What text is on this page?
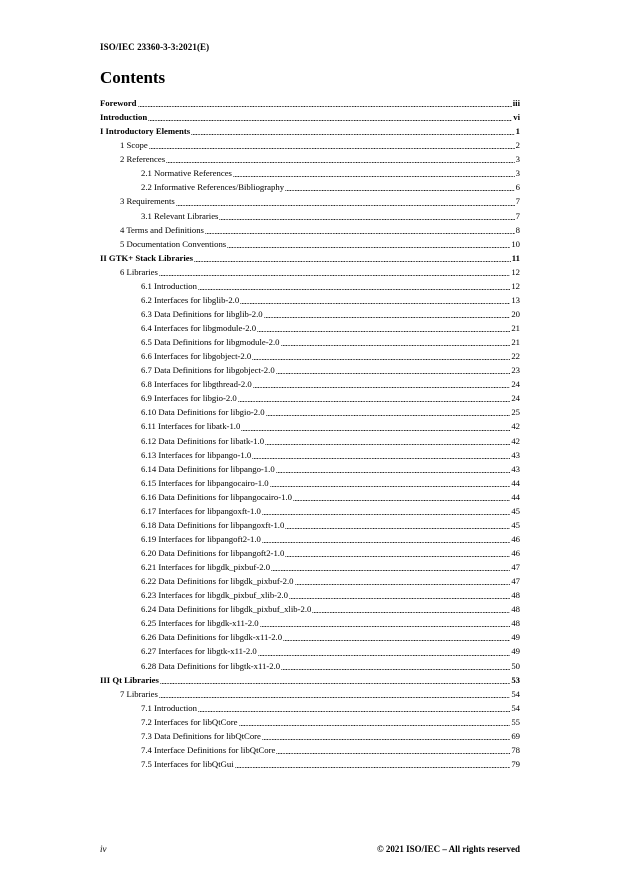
ISO/IEC 23360-3-3:2021(E)
Contents
Foreword	iii
Introduction	vi
I Introductory Elements	1
1 Scope	2
2 References	3
2.1 Normative References	3
2.2 Informative References/Bibliography	6
3 Requirements	7
3.1 Relevant Libraries	7
4 Terms and Definitions	8
5 Documentation Conventions	10
II GTK+ Stack Libraries	11
6 Libraries	12
6.1 Introduction	12
6.2 Interfaces for libglib-2.0	13
6.3 Data Definitions for libglib-2.0	20
6.4 Interfaces for libgmodule-2.0	21
6.5 Data Definitions for libgmodule-2.0	21
6.6 Interfaces for libgobject-2.0	22
6.7 Data Definitions for libgobject-2.0	23
6.8 Interfaces for libgthread-2.0	24
6.9 Interfaces for libgio-2.0	24
6.10 Data Definitions for libgio-2.0	25
6.11 Interfaces for libatk-1.0	42
6.12 Data Definitions for libatk-1.0	42
6.13 Interfaces for libpango-1.0	43
6.14 Data Definitions for libpango-1.0	43
6.15 Interfaces for libpangocairo-1.0	44
6.16 Data Definitions for libpangocairo-1.0	44
6.17 Interfaces for libpangoxft-1.0	45
6.18 Data Definitions for libpangoxft-1.0	45
6.19 Interfaces for libpangoft2-1.0	46
6.20 Data Definitions for libpangoft2-1.0	46
6.21 Interfaces for libgdk_pixbuf-2.0	47
6.22 Data Definitions for libgdk_pixbuf-2.0	47
6.23 Interfaces for libgdk_pixbuf_xlib-2.0	48
6.24 Data Definitions for libgdk_pixbuf_xlib-2.0	48
6.25 Interfaces for libgdk-x11-2.0	48
6.26 Data Definitions for libgdk-x11-2.0	49
6.27 Interfaces for libgtk-x11-2.0	49
6.28 Data Definitions for libgtk-x11-2.0	50
III Qt Libraries	53
7 Libraries	54
7.1 Introduction	54
7.2 Interfaces for libQtCore	55
7.3 Data Definitions for libQtCore	69
7.4 Interface Definitions for libQtCore	78
7.5 Interfaces for libQtGui	79
iv	© 2021 ISO/IEC – All rights reserved
